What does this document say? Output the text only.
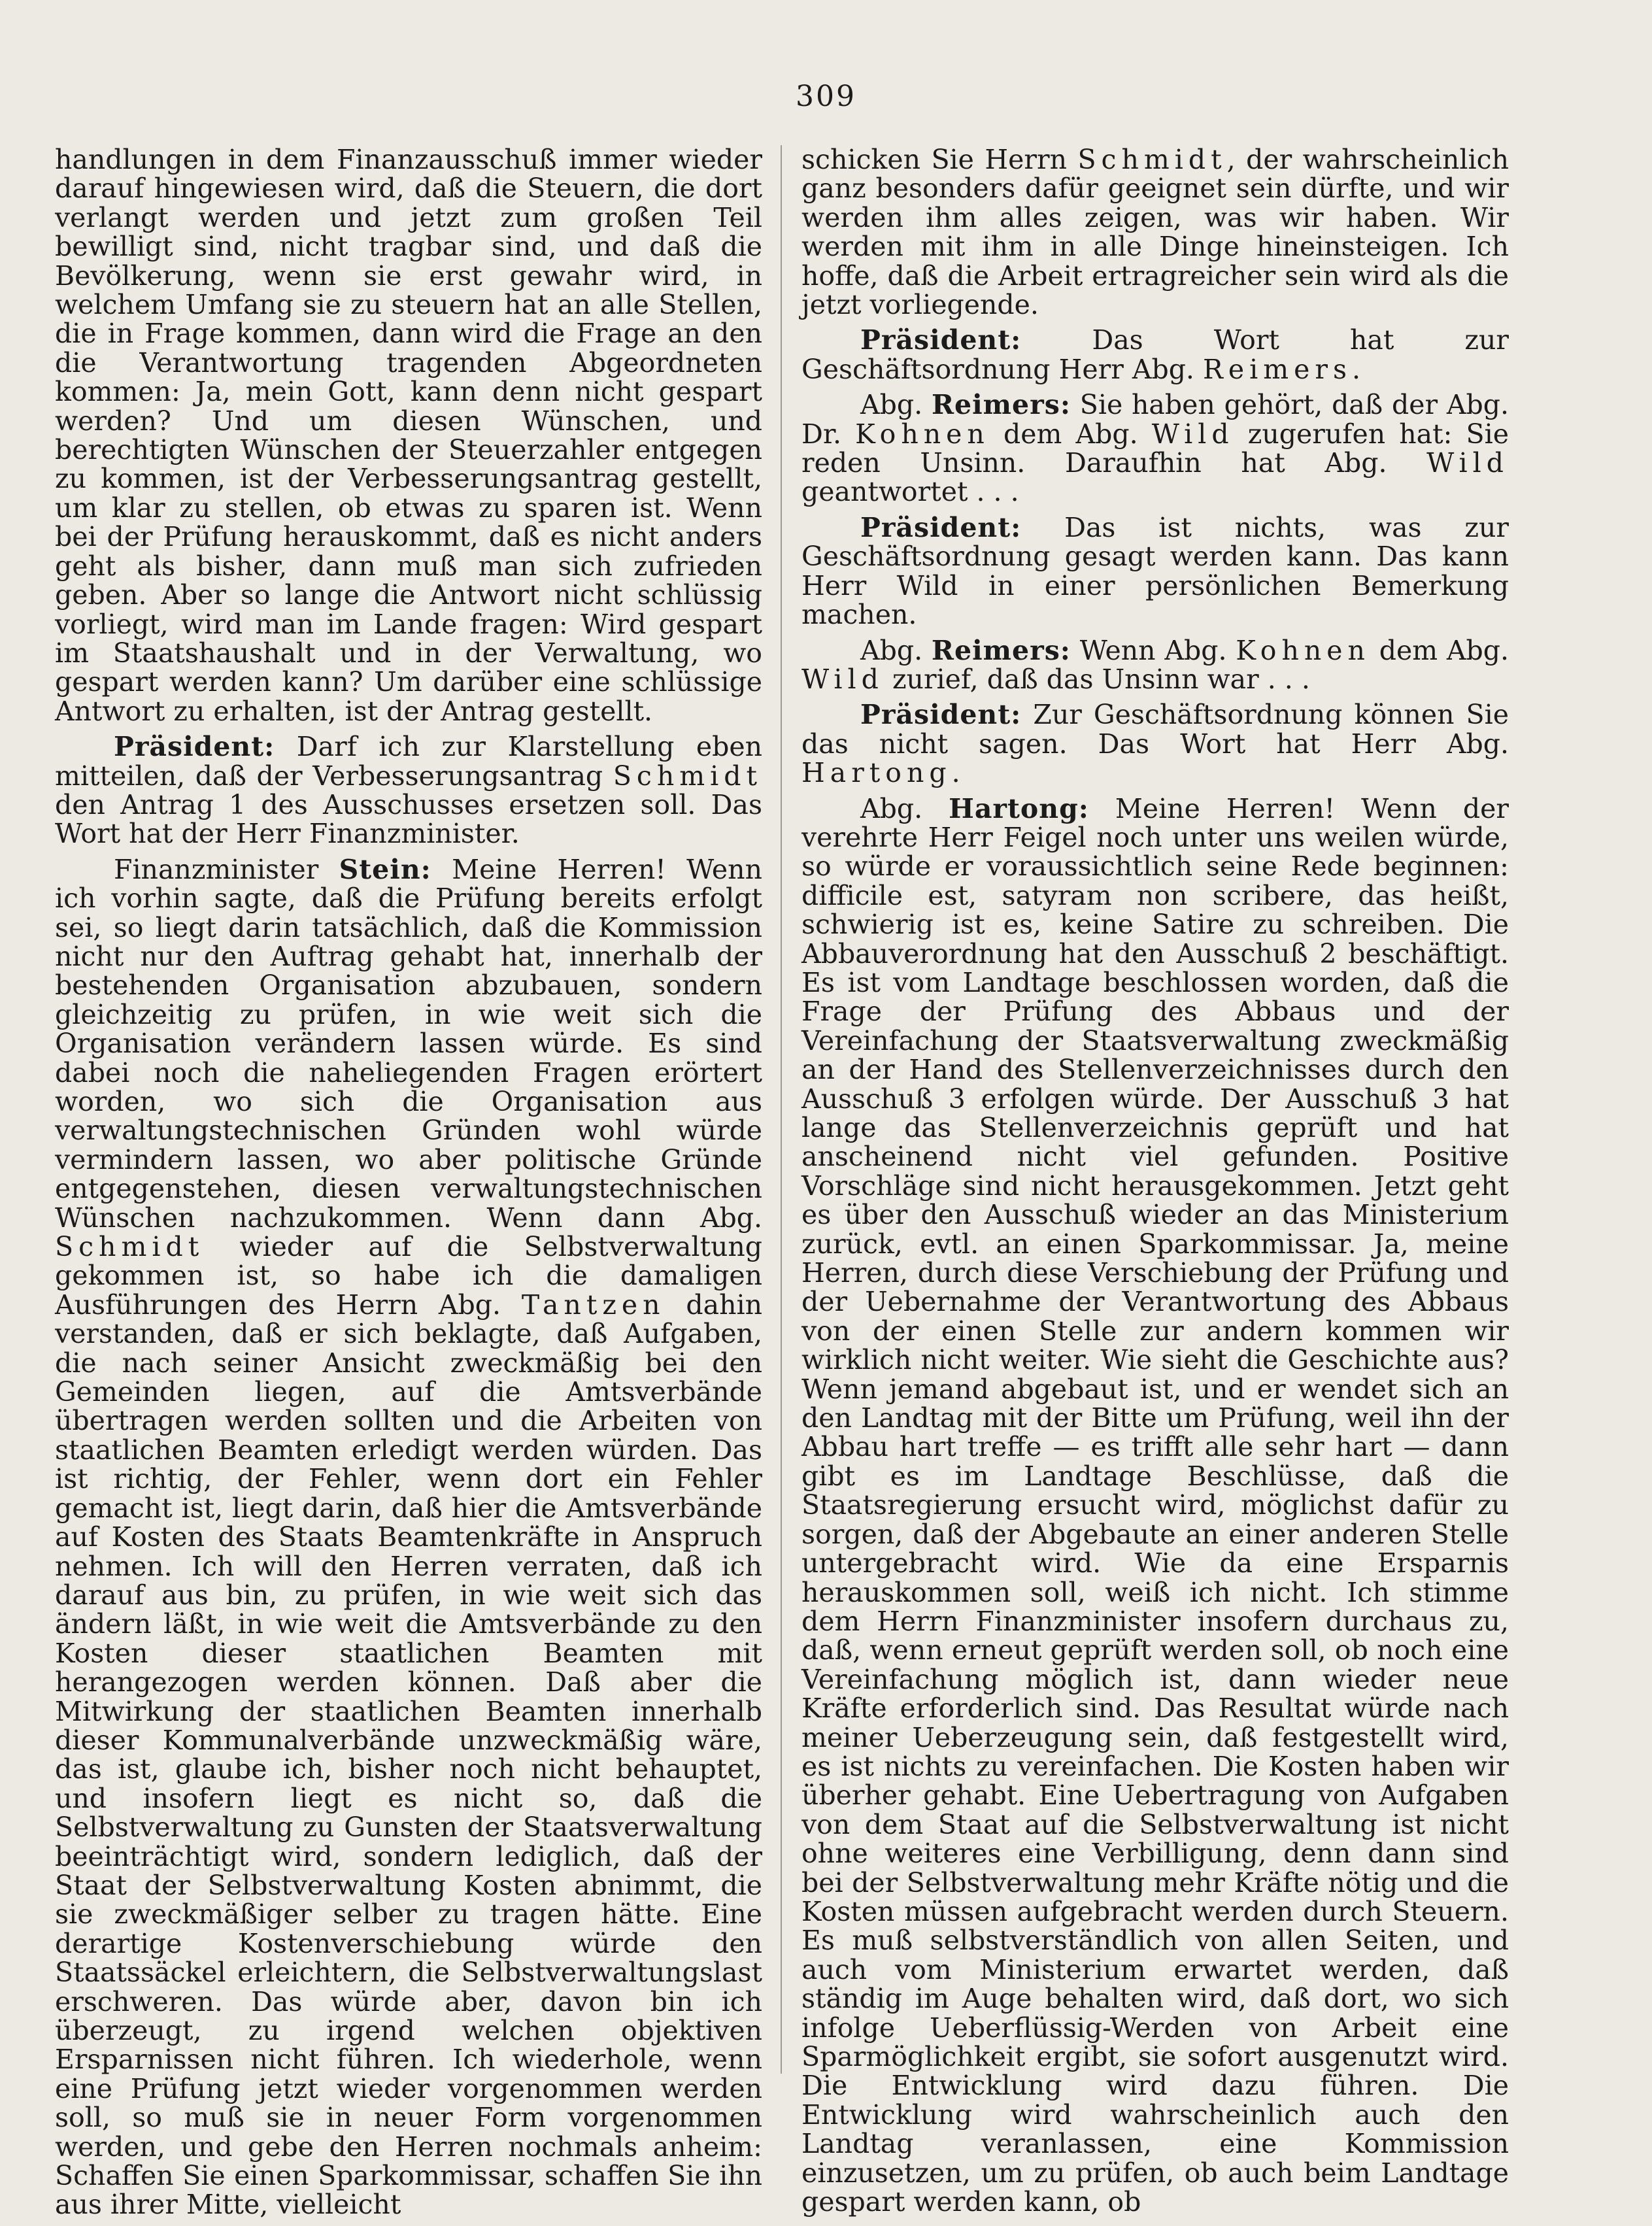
309

handlungen in dem Finanzausschuß immer wieder darauf hingewiesen wird, daß die Steuern, die dort verlangt werden und jetzt zum großen Teil bewilligt sind, nicht tragbar sind, und daß die Bevölkerung, wenn sie erst gewahr wird, in welchem Umfang sie zu steuern hat an alle Stellen, die in Frage kommen, dann wird die Frage an den die Verantwortung tragenden Abgeordneten kommen: Ja, mein Gott, kann denn nicht gespart werden? Und um diesen Wünschen, und berechtigten Wünschen der Steuerzahler entgegen zu kommen, ist der Verbesserungsantrag gestellt, um klar zu stellen, ob etwas zu sparen ist. Wenn bei der Prüfung herauskommt, daß es nicht anders geht als bisher, dann muß man sich zufrieden geben. Aber so lange die Antwort nicht schlüssig vorliegt, wird man im Lande fragen: Wird gespart im Staatshaushalt und in der Verwaltung, wo gespart werden kann? Um darüber eine schlüssige Antwort zu erhalten, ist der Antrag gestellt.

Präsident: Darf ich zur Klarstellung eben mitteilen, daß der Verbesserungsantrag Schmidt den Antrag 1 des Ausschusses ersetzen soll. Das Wort hat der Herr Finanzminister.

Finanzminister Stein: Meine Herren! Wenn ich vorhin sagte, daß die Prüfung bereits erfolgt sei, so liegt darin tatsächlich, daß die Kommission nicht nur den Auftrag gehabt hat, innerhalb der bestehenden Organisation abzubauen, sondern gleichzeitig zu prüfen, in wie weit sich die Organisation verändern lassen würde. Es sind dabei noch die naheliegenden Fragen erörtert worden, wo sich die Organisation aus verwaltungstechnischen Gründen wohl würde vermindern lassen, wo aber politische Gründe entgegenstehen, diesen verwaltungstechnischen Wünschen nachzukommen. Wenn dann Abg. Schmidt wieder auf die Selbstverwaltung gekommen ist, so habe ich die damaligen Ausführungen des Herrn Abg. Tantzen dahin verstanden, daß er sich beklagte, daß Aufgaben, die nach seiner Ansicht zweckmäßig bei den Gemeinden liegen, auf die Amtsverbände übertragen werden sollten und die Arbeiten von staatlichen Beamten erledigt werden würden. Das ist richtig, der Fehler, wenn dort ein Fehler gemacht ist, liegt darin, daß hier die Amtsverbände auf Kosten des Staats Beamtenkräfte in Anspruch nehmen. Ich will den Herren verraten, daß ich darauf aus bin, zu prüfen, in wie weit sich das ändern läßt, in wie weit die Amtsverbände zu den Kosten dieser staatlichen Beamten mit herangezogen werden können. Daß aber die Mitwirkung der staatlichen Beamten innerhalb dieser Kommunalverbände unzweckmäßig wäre, das ist, glaube ich, bisher noch nicht behauptet, und insofern liegt es nicht so, daß die Selbstverwaltung zu Gunsten der Staatsverwaltung beeinträchtigt wird, sondern lediglich, daß der Staat der Selbstverwaltung Kosten abnimmt, die sie zweckmäßiger selber zu tragen hätte. Eine derartige Kostenverschiebung würde den Staatssäckel erleichtern, die Selbstverwaltungslast erschweren. Das würde aber, davon bin ich überzeugt, zu irgend welchen objektiven Ersparnissen nicht führen. Ich wiederhole, wenn eine Prüfung jetzt wieder vorgenommen werden soll, so muß sie in neuer Form vorgenommen werden, und gebe den Herren nochmals anheim: Schaffen Sie einen Sparkommissar, schaffen Sie ihn aus ihrer Mitte, vielleicht

schicken Sie Herrn Schmidt, der wahrscheinlich ganz besonders dafür geeignet sein dürfte, und wir werden ihm alles zeigen, was wir haben. Wir werden mit ihm in alle Dinge hineinsteigen. Ich hoffe, daß die Arbeit ertragreicher sein wird als die jetzt vorliegende.

Präsident: Das Wort hat zur Geschäftsordnung Herr Abg. Reimers.

Abg. Reimers: Sie haben gehört, daß der Abg. Dr. Kohnen dem Abg. Wild zugerufen hat: Sie reden Unsinn. Daraufhin hat Abg. Wild geantwortet . . .

Präsident: Das ist nichts, was zur Geschäftsordnung gesagt werden kann. Das kann Herr Wild in einer persönlichen Bemerkung machen.

Abg. Reimers: Wenn Abg. Kohnen dem Abg. Wild zurief, daß das Unsinn war . . .

Präsident: Zur Geschäftsordnung können Sie das nicht sagen. Das Wort hat Herr Abg. Hartong.

Abg. Hartong: Meine Herren! Wenn der verehrte Herr Feigel noch unter uns weilen würde, so würde er voraussichtlich seine Rede beginnen: difficile est, satyram non scribere, das heißt, schwierig ist es, keine Satire zu schreiben. Die Abbauverordnung hat den Ausschuß 2 beschäftigt. Es ist vom Landtage beschlossen worden, daß die Frage der Prüfung des Abbaus und der Vereinfachung der Staatsverwaltung zweckmäßig an der Hand des Stellenverzeichnisses durch den Ausschuß 3 erfolgen würde. Der Ausschuß 3 hat lange das Stellenverzeichnis geprüft und hat anscheinend nicht viel gefunden. Positive Vorschläge sind nicht herausgekommen. Jetzt geht es über den Ausschuß wieder an das Ministerium zurück, evtl. an einen Sparkommissar. Ja, meine Herren, durch diese Verschiebung der Prüfung und der Uebernahme der Verantwortung des Abbaus von der einen Stelle zur andern kommen wir wirklich nicht weiter. Wie sieht die Geschichte aus? Wenn jemand abgebaut ist, und er wendet sich an den Landtag mit der Bitte um Prüfung, weil ihn der Abbau hart treffe — es trifft alle sehr hart — dann gibt es im Landtage Beschlüsse, daß die Staatsregierung ersucht wird, möglichst dafür zu sorgen, daß der Abgebaute an einer anderen Stelle untergebracht wird. Wie da eine Ersparnis herauskommen soll, weiß ich nicht. Ich stimme dem Herrn Finanzminister insofern durchaus zu, daß, wenn erneut geprüft werden soll, ob noch eine Vereinfachung möglich ist, dann wieder neue Kräfte erforderlich sind. Das Resultat würde nach meiner Ueberzeugung sein, daß festgestellt wird, es ist nichts zu vereinfachen. Die Kosten haben wir überher gehabt. Eine Uebertragung von Aufgaben von dem Staat auf die Selbstverwaltung ist nicht ohne weiteres eine Verbilligung, denn dann sind bei der Selbstverwaltung mehr Kräfte nötig und die Kosten müssen aufgebracht werden durch Steuern. Es muß selbstverständlich von allen Seiten, und auch vom Ministerium erwartet werden, daß ständig im Auge behalten wird, daß dort, wo sich infolge Ueberflüssig-Werden von Arbeit eine Sparmöglichkeit ergibt, sie sofort ausgenutzt wird. Die Entwicklung wird dazu führen. Die Entwicklung wird wahrscheinlich auch den Landtag veranlassen, eine Kommission einzusetzen, um zu prüfen, ob auch beim Landtage gespart werden kann, ob
